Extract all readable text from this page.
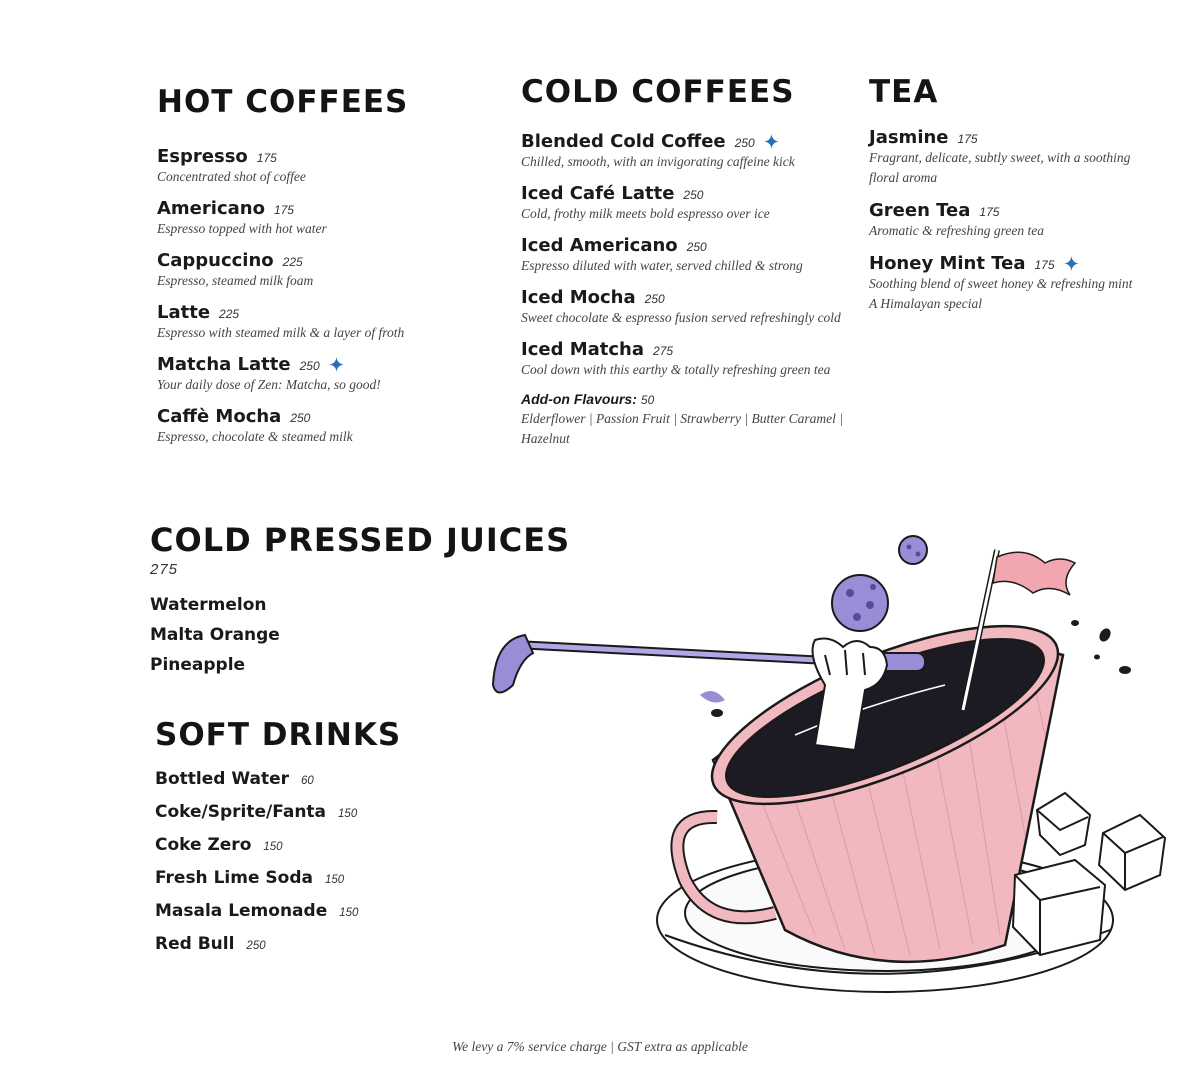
HOT COFFEES
Espresso 175
Concentrated shot of coffee
Americano 175
Espresso topped with hot water
Cappuccino 225
Espresso, steamed milk foam
Latte 225
Espresso with steamed milk & a layer of froth
Matcha Latte 250
Your daily dose of Zen: Matcha, so good!
Caffè Mocha 250
Espresso, chocolate & steamed milk
COLD COFFEES
Blended Cold Coffee 250
Chilled, smooth, with an invigorating caffeine kick
Iced Café Latte 250
Cold, frothy milk meets bold espresso over ice
Iced Americano 250
Espresso diluted with water, served chilled & strong
Iced Mocha 250
Sweet chocolate & espresso fusion served refreshingly cold
Iced Matcha 275
Cool down with this earthy & totally refreshing green tea
Add-on Flavours: 50
Elderflower | Passion Fruit | Strawberry | Butter Caramel | Hazelnut
TEA
Jasmine 175
Fragrant, delicate, subtly sweet, with a soothing floral aroma
Green Tea 175
Aromatic & refreshing green tea
Honey Mint Tea 175
Soothing blend of sweet honey & refreshing mint
A Himalayan special
COLD PRESSED JUICES
275
Watermelon
Malta Orange
Pineapple
SOFT DRINKS
Bottled Water 60
Coke/Sprite/Fanta 150
Coke Zero 150
Fresh Lime Soda 150
Masala Lemonade 150
Red Bull 250
We levy a 7% service charge | GST extra as applicable
